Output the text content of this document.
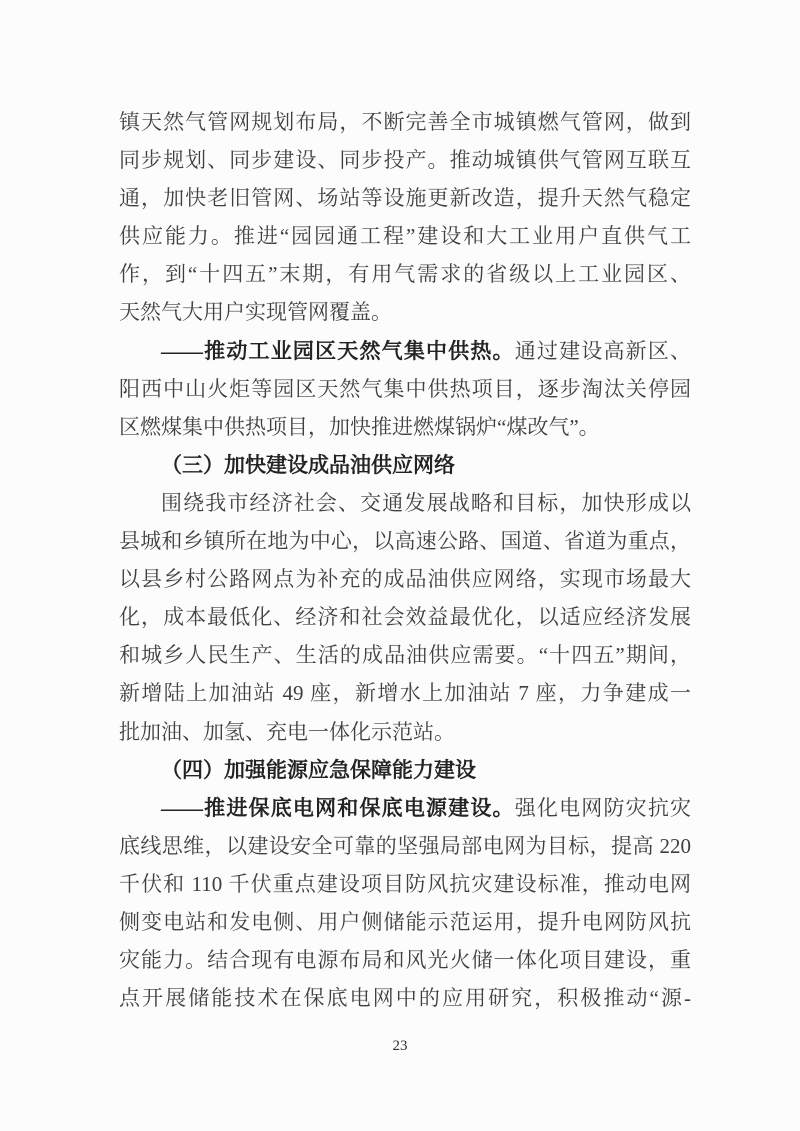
镇天然气管网规划布局，不断完善全市城镇燃气管网，做到
同步规划、同步建设、同步投产。推动城镇供气管网互联互
通，加快老旧管网、场站等设施更新改造，提升天然气稳定
供应能力。推进“园园通工程”建设和大工业用户直供气工
作，到“十四五”末期，有用气需求的省级以上工业园区、
天然气大用户实现管网覆盖。
——推动工业园区天然气集中供热。通过建设高新区、
阳西中山火炬等园区天然气集中供热项目，逐步淘汰关停园
区燃煤集中供热项目，加快推进燃煤锅炉“煤改气”。
（三）加快建设成品油供应网络
围绕我市经济社会、交通发展战略和目标，加快形成以
县城和乡镇所在地为中心，以高速公路、国道、省道为重点，
以县乡村公路网点为补充的成品油供应网络，实现市场最大
化，成本最低化、经济和社会效益最优化，以适应经济发展
和城乡人民生产、生活的成品油供应需要。“十四五”期间，
新增陆上加油站 49 座，新增水上加油站 7 座，力争建成一
批加油、加氢、充电一体化示范站。
（四）加强能源应急保障能力建设
——推进保底电网和保底电源建设。强化电网防灾抗灾
底线思维，以建设安全可靠的坚强局部电网为目标，提高 220
千伏和 110 千伏重点建设项目防风抗灾建设标准，推动电网
侧变电站和发电侧、用户侧储能示范运用，提升电网防风抗
灾能力。结合现有电源布局和风光火储一体化项目建设，重
点开展储能技术在保底电网中的应用研究，积极推动“源-
23
